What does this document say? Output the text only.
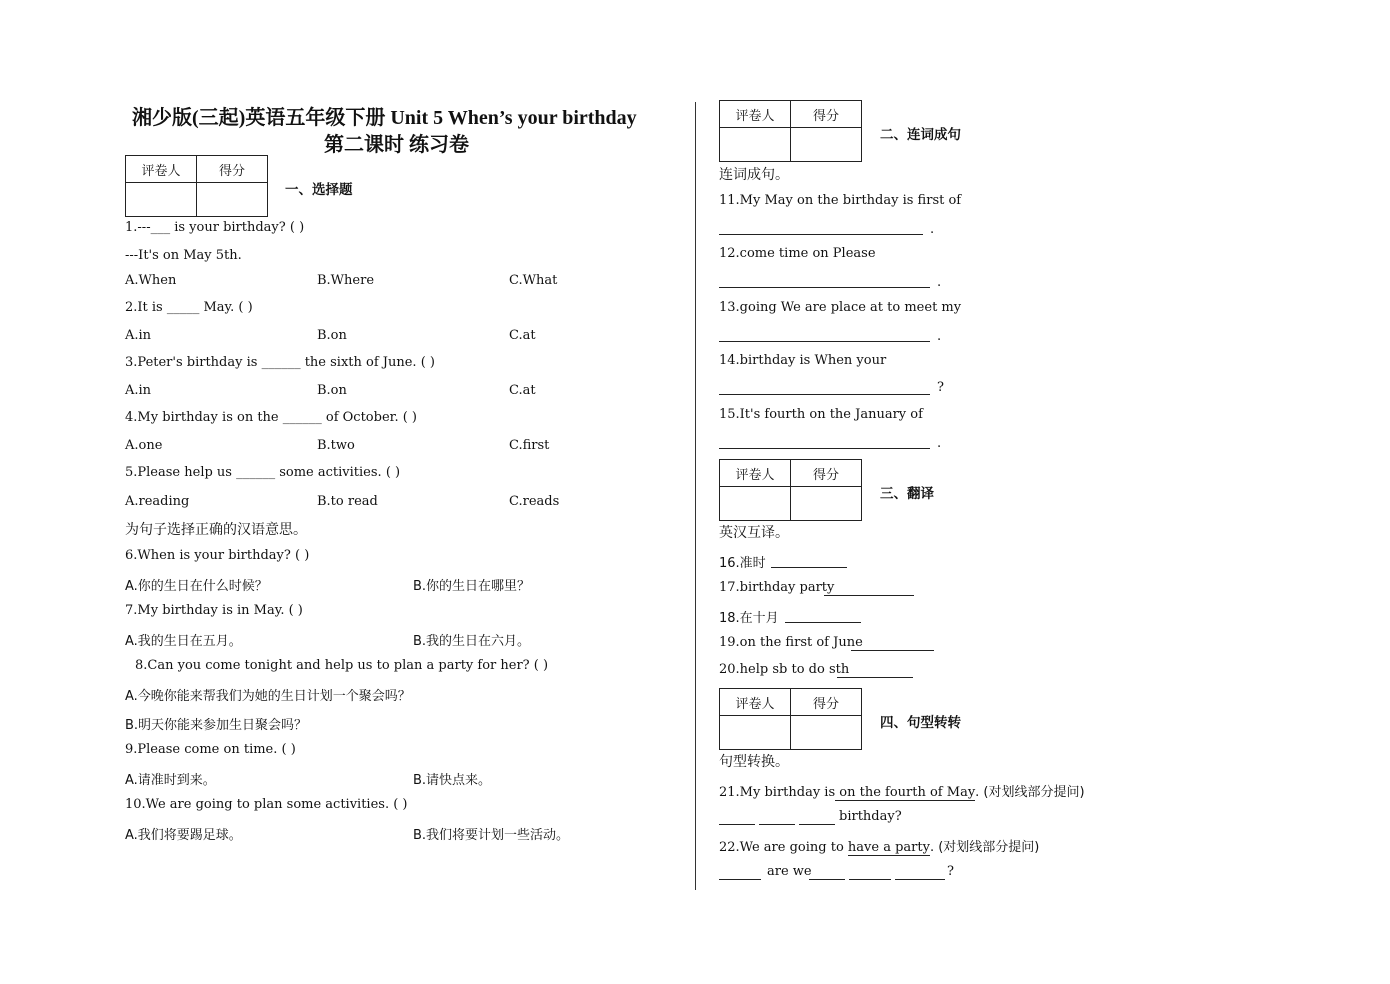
湘少版(三起)英语五年级下册 Unit 5 When’s your birthday
第二课时 练习卷
评卷人	得分

一、选择题
1.---___ is your birthday? ( )
---It's on May 5th.
A.When	B.Where	C.What
2.It is _____ May. ( )
A.in	B.on	C.at
3.Peter's birthday is ______ the sixth of June. ( )
A.in	B.on	C.at
4.My birthday is on the ______ of October. ( )
A.one	B.two	C.first
5.Please help us ______ some activities. ( )
A.reading	B.to read	C.reads
为句子选择正确的汉语意思。
6.When is your birthday? ( )
A.你的生日在什么时候？	B.你的生日在哪里？
7.My birthday is in May. ( )
A.我的生日在五月。	B.我的生日在六月。
8.Can you come tonight and help us to plan a party for her? ( )
A.今晚你能来帮我们为她的生日计划一个聚会吗？
B.明天你能来参加生日聚会吗？
9.Please come on time. ( )
A.请准时到来。	B.请快点来。
10.We are going to plan some activities. ( )
A.我们将要踢足球。	B.我们将要计划一些活动。
评卷人	得分

二、连词成句
连词成句。
11.My May on the birthday is first of
.
12.come time on Please
.
13.going We are place at to meet my
.
14.birthday is When your
?
15.It's fourth on the January of
.
评卷人	得分

三、翻译
英汉互译。
16.准时
17.birthday party
18.在十月
19.on the first of June
20.help sb to do sth
评卷人	得分

四、句型转转
句型转换。
21.My birthday is on the fourth of May. (对划线部分提问)
birthday?
22.We are going to have a party. (对划线部分提问)
are we	?
